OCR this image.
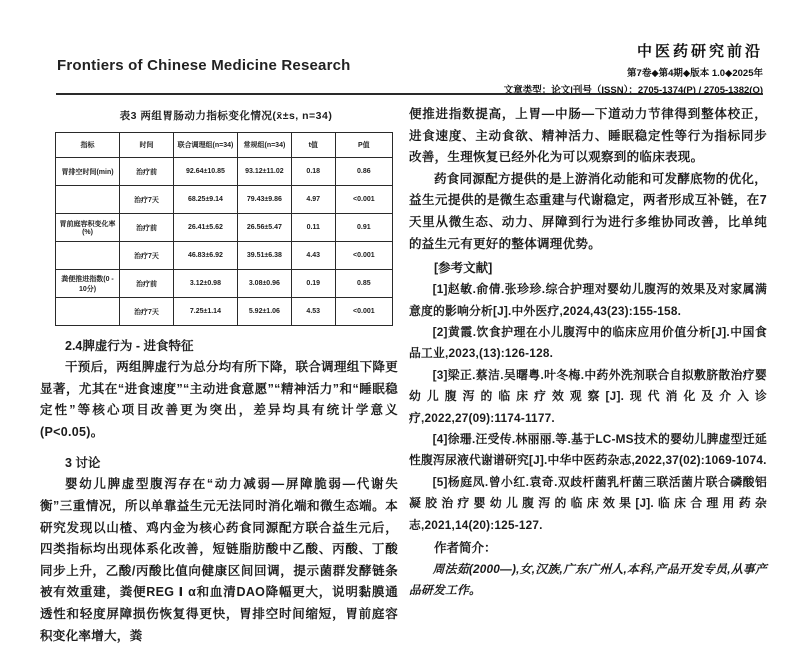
Frontiers of Chinese Medicine Research
中医药研究前沿
第7卷◆第4期◆版本 1.0◆2025年
文章类型：论文|刊号（ISSN）：2705-1374(P) / 2705-1382(O)
表3 两组胃肠动力指标变化情况(x̄±s, n=34)
指标	时间	联合调理组(n=34)	常规组(n=34)	t值	P值
胃排空时间(min)	治疗前	92.64±10.85	93.12±11.02	0.18	0.86
	治疗7天	68.25±9.14	79.43±9.86	4.97	<0.001
胃前庭容积变化率(%)	治疗前	26.41±5.62	26.56±5.47	0.11	0.91
	治疗7天	46.83±6.92	39.51±6.38	4.43	<0.001
粪便推进指数(0 - 10分)	治疗前	3.12±0.98	3.08±0.96	0.19	0.85
	治疗7天	7.25±1.14	5.92±1.06	4.53	<0.001
2.4脾虚行为 - 进食特征

干预后，两组脾虚行为总分均有所下降，联合调理组下降更显著，尤其在“进食速度”“主动进食意愿”“精神活力”和“睡眠稳定性”等核心项目改善更为突出，差异均具有统计学意义(P<0.05)。

3 讨论

婴幼儿脾虚型腹泻存在“动力减弱—屏障脆弱—代谢失衡”三重情况，所以单靠益生元无法同时消化端和微生态端。本研究发现以山楂、鸡内金为核心药食同源配方联合益生元后，四类指标均出现体系化改善，短链脂肪酸中乙酸、丙酸、丁酸同步上升，乙酸/丙酸比值向健康区间回调，提示菌群发酵链条被有效重建，粪便REG Ⅰ α和血清DAO降幅更大，说明黏膜通透性和轻度屏障损伤恢复得更快，胃排空时间缩短，胃前庭容积变化率增大，粪

便推进指数提高，上胃—中肠—下道动力节律得到整体校正，进食速度、主动食欲、精神活力、睡眠稳定性等行为指标同步改善，生理恢复已经外化为可以观察到的临床表现。

药食同源配方提供的是上游消化动能和可发酵底物的优化，益生元提供的是微生态重建与代谢稳定，两者形成互补链，在7天里从微生态、动力、屏障到行为进行多维协同改善，比单纯的益生元有更好的整体调理优势。

[参考文献]

[1]赵敏.俞倩.张珍珍.综合护理对婴幼儿腹泻的效果及对家属满意度的影响分析[J].中外医疗,2024,43(23):155-158.

[2]黄霞.饮食护理在小儿腹泻中的临床应用价值分析[J].中国食品工业,2023,(13):126-128.

[3]梁正.蔡洁.吴曙粤.叶冬梅.中药外洗剂联合自拟敷脐散治疗婴幼儿腹泻的临床疗效观察[J].现代消化及介入诊疗,2022,27(09):1174-1177.

[4]徐珊.汪受传.林丽丽.等.基于LC-MS技术的婴幼儿脾虚型迁延性腹泻尿液代谢谱研究[J].中华中医药杂志,2022,37(02):1069-1074.

[5]杨庭凤.曾小红.袁奇.双歧杆菌乳杆菌三联活菌片联合磷酸铝凝胶治疗婴幼儿腹泻的临床效果[J].临床合理用药杂志,2021,14(20):125-127.

作者简介：

周法茹(2000—),女,汉族,广东广州人,本科,产品开发专员,从事产品研发工作。
